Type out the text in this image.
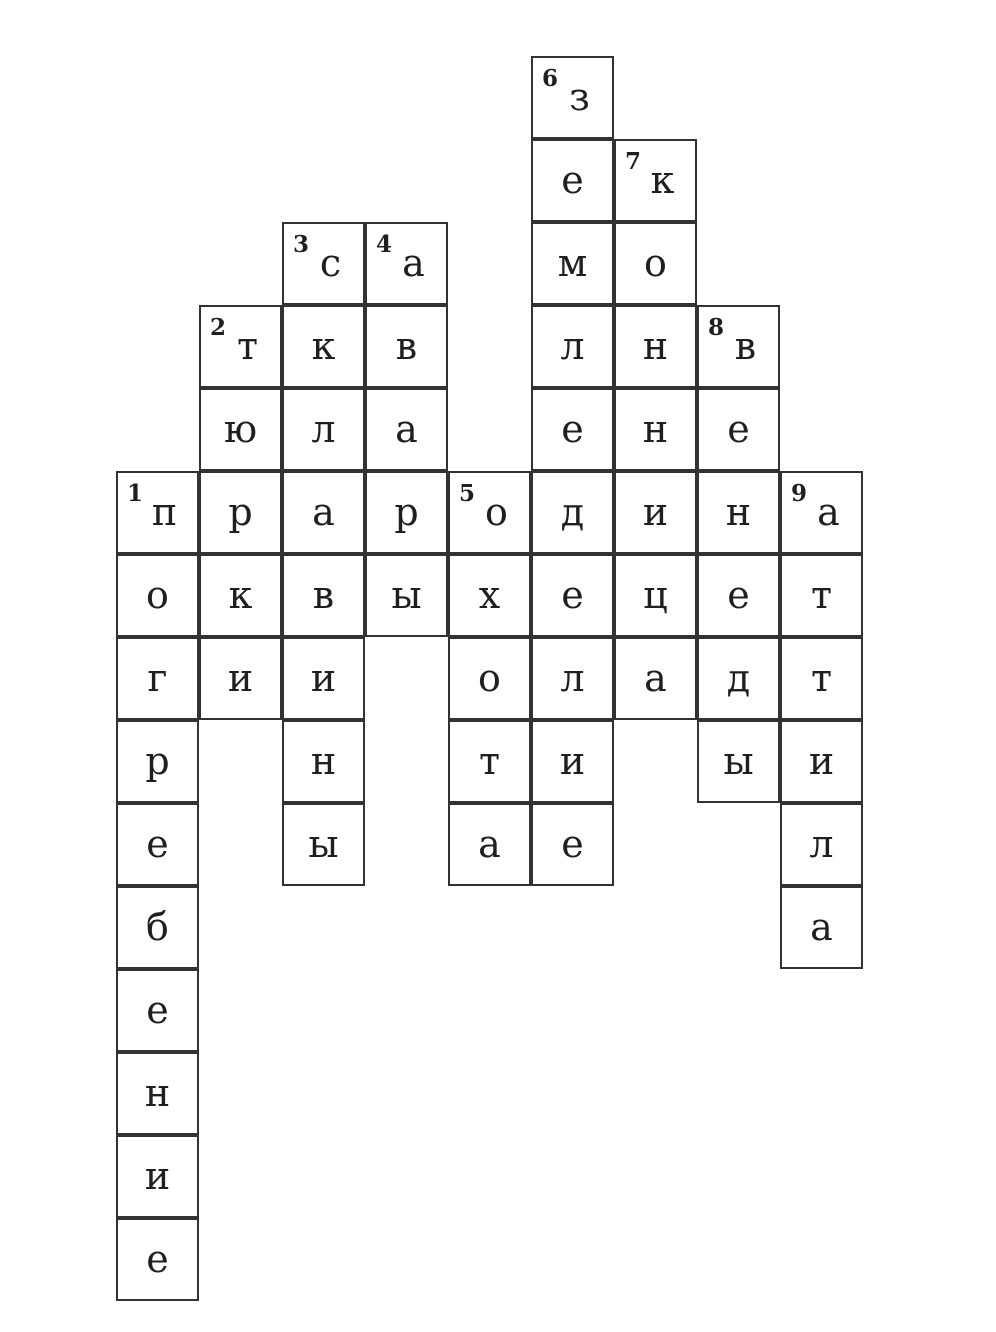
1 п
о
г
р
е
б
е
н
и
е
2 т
ю
р
к
и
3 с
к
л
а
в
и
н
ы
4 а
в
а
р
ы
5 о
х
о
т
а
6 з
е
м
л
е
д
е
л
и
е
7 к
о
н
н
и
ц
а
8 в
е
н
е
д
ы
9 а
т
т
и
л
а
